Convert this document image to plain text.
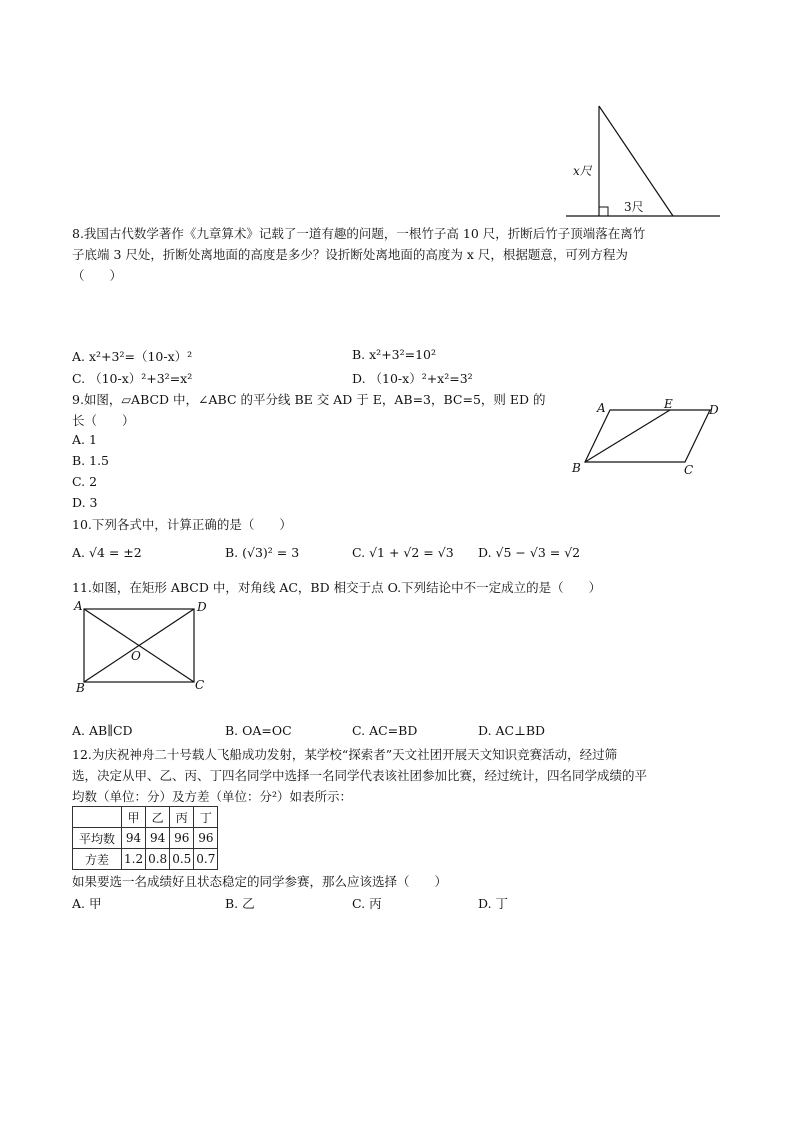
x尺
3尺
8.我国古代数学著作《九章算术》记载了一道有趣的问题，一根竹子高 10 尺，折断后竹子顶端落在离竹
子底端 3 尺处，折断处离地面的高度是多少？设折断处离地面的高度为 x 尺，根据题意，可列方程为
（　　）
A. x²+3²=（10-x）²	B. x²+3²=10²
C. （10-x）²+3²=x²	D. （10-x）²+x²=3²
9.如图，▱ABCD 中，∠ABC 的平分线 BE 交 AD 于 E，AB=3，BC=5，则 ED 的
长（　　）
A. 1
B. 1.5
C. 2
D. 3
A	E	D
B	C
10.下列各式中，计算正确的是（　　）
A. √4 = ±2	B. (√3)² = 3	C. √1 + √2 = √3 D. √5 − √3 = √2
11.如图，在矩形 ABCD 中，对角线 AC，BD 相交于点 O.下列结论中不一定成立的是（　　）
A	D
O
B	C
A. AB∥CD	B. OA=OC	C. AC=BD	D. AC⊥BD
12.为庆祝神舟二十号载人飞船成功发射，某学校“探索者”天文社团开展天文知识竞赛活动，经过筛
选，决定从甲、乙、丙、丁四名同学中选择一名同学代表该社团参加比赛，经过统计，四名同学成绩的平
均数（单位：分）及方差（单位：分²）如表所示：
	甲	乙	丙	丁
平均数	94	94	96	96
方差	1.2	0.8	0.5	0.7
如果要选一名成绩好且状态稳定的同学参赛，那么应该选择（　　）
A. 甲	B. 乙	C. 丙	D. 丁
